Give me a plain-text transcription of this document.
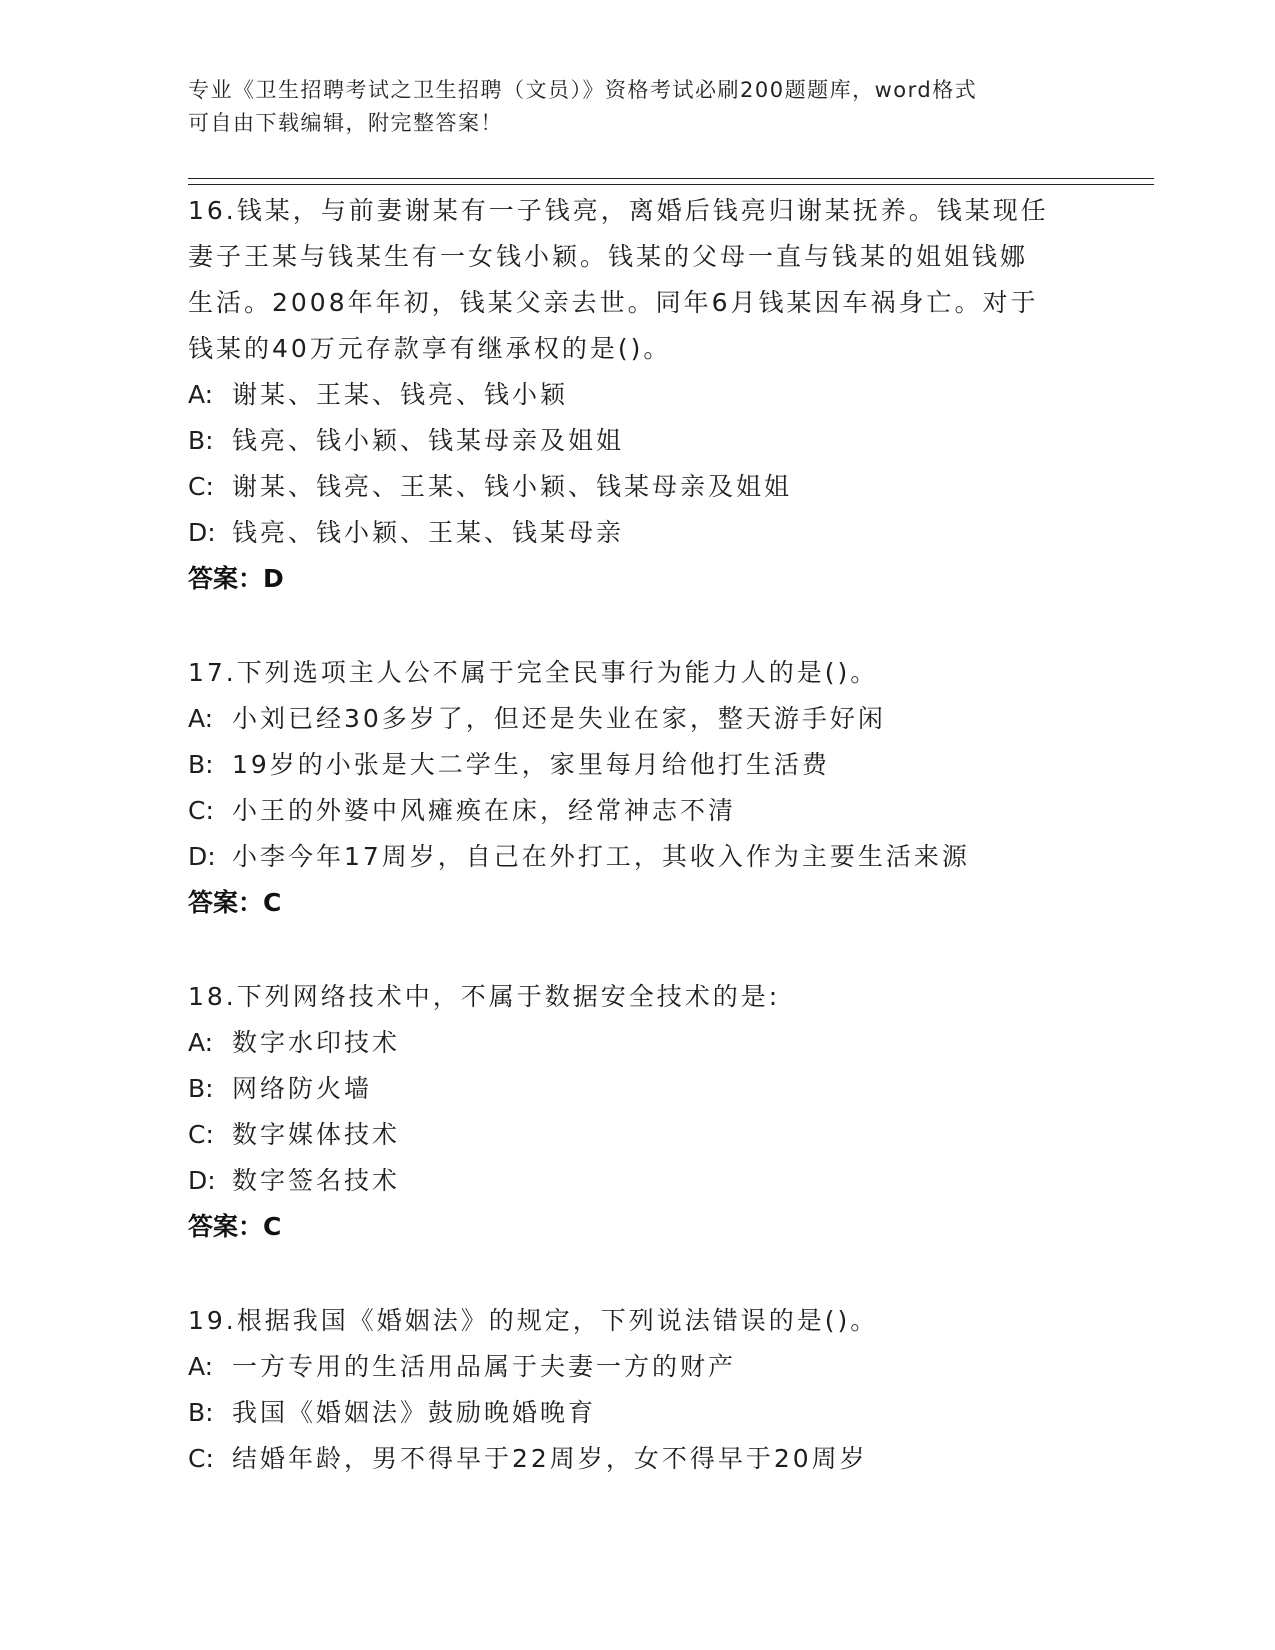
专业《卫生招聘考试之卫生招聘（文员）》资格考试必刷200题题库，word格式
可自由下载编辑，附完整答案！

16.钱某，与前妻谢某有一子钱亮，离婚后钱亮归谢某抚养。钱某现任
妻子王某与钱某生有一女钱小颖。钱某的父母一直与钱某的姐姐钱娜
生活。2008年年初，钱某父亲去世。同年6月钱某因车祸身亡。对于
钱某的40万元存款享有继承权的是()。

A: 谢某、王某、钱亮、钱小颖

B: 钱亮、钱小颖、钱某母亲及姐姐

C: 谢某、钱亮、王某、钱小颖、钱某母亲及姐姐

D: 钱亮、钱小颖、王某、钱某母亲

答案：D

17.下列选项主人公不属于完全民事行为能力人的是()。

A: 小刘已经30多岁了，但还是失业在家，整天游手好闲

B: 19岁的小张是大二学生，家里每月给他打生活费

C: 小王的外婆中风瘫痪在床，经常神志不清

D: 小李今年17周岁，自己在外打工，其收入作为主要生活来源

答案：C

18.下列网络技术中，不属于数据安全技术的是:

A: 数字水印技术

B: 网络防火墙

C: 数字媒体技术

D: 数字签名技术

答案：C

19.根据我国《婚姻法》的规定，下列说法错误的是()。

A: 一方专用的生活用品属于夫妻一方的财产

B: 我国《婚姻法》鼓励晚婚晚育

C: 结婚年龄，男不得早于22周岁，女不得早于20周岁
